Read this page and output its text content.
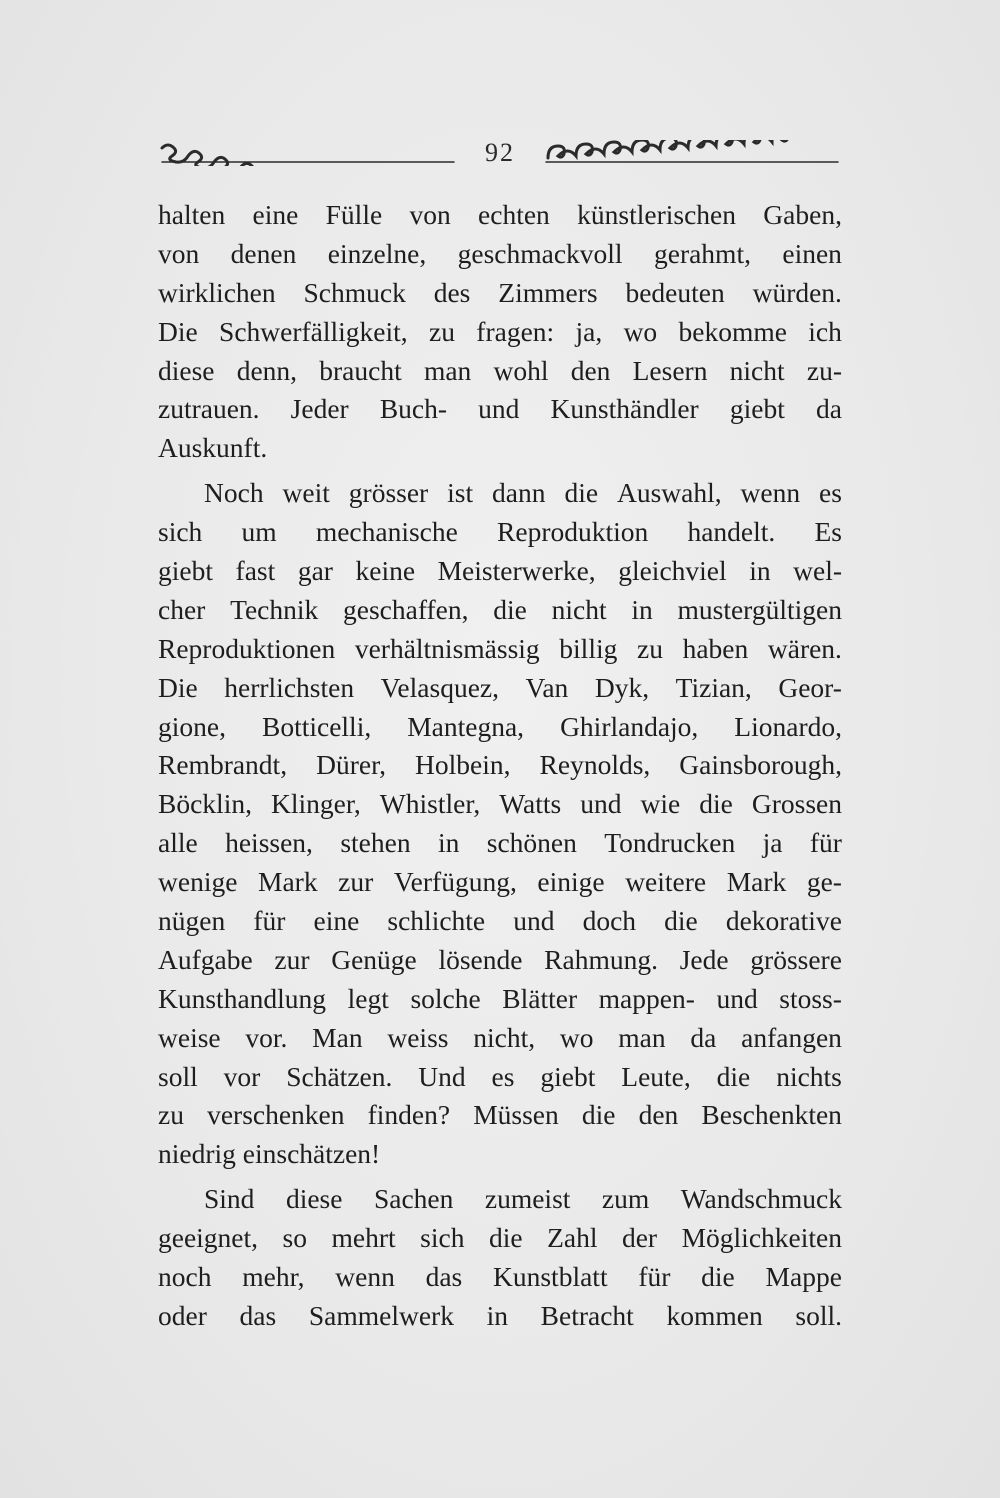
92
halten eine Fülle von echten künstlerischen Gaben,
von denen einzelne, geschmackvoll gerahmt, einen
wirklichen Schmuck des Zimmers bedeuten würden.
Die Schwerfälligkeit, zu fragen: ja, wo bekomme ich
diese denn, braucht man wohl den Lesern nicht zu-
zutrauen. Jeder Buch- und Kunsthändler giebt da
Auskunft.
Noch weit grösser ist dann die Auswahl, wenn es
sich um mechanische Reproduktion handelt. Es
giebt fast gar keine Meisterwerke, gleichviel in wel-
cher Technik geschaffen, die nicht in mustergültigen
Reproduktionen verhältnismässig billig zu haben wären.
Die herrlichsten Velasquez, Van Dyk, Tizian, Geor-
gione, Botticelli, Mantegna, Ghirlandajo, Lionardo,
Rembrandt, Dürer, Holbein, Reynolds, Gainsborough,
Böcklin, Klinger, Whistler, Watts und wie die Grossen
alle heissen, stehen in schönen Tondrucken ja für
wenige Mark zur Verfügung, einige weitere Mark ge-
nügen für eine schlichte und doch die dekorative
Aufgabe zur Genüge lösende Rahmung. Jede grössere
Kunsthandlung legt solche Blätter mappen- und stoss-
weise vor. Man weiss nicht, wo man da anfangen
soll vor Schätzen. Und es giebt Leute, die nichts
zu verschenken finden? Müssen die den Beschenkten
niedrig einschätzen!
Sind diese Sachen zumeist zum Wandschmuck
geeignet, so mehrt sich die Zahl der Möglichkeiten
noch mehr, wenn das Kunstblatt für die Mappe
oder das Sammelwerk in Betracht kommen soll.
